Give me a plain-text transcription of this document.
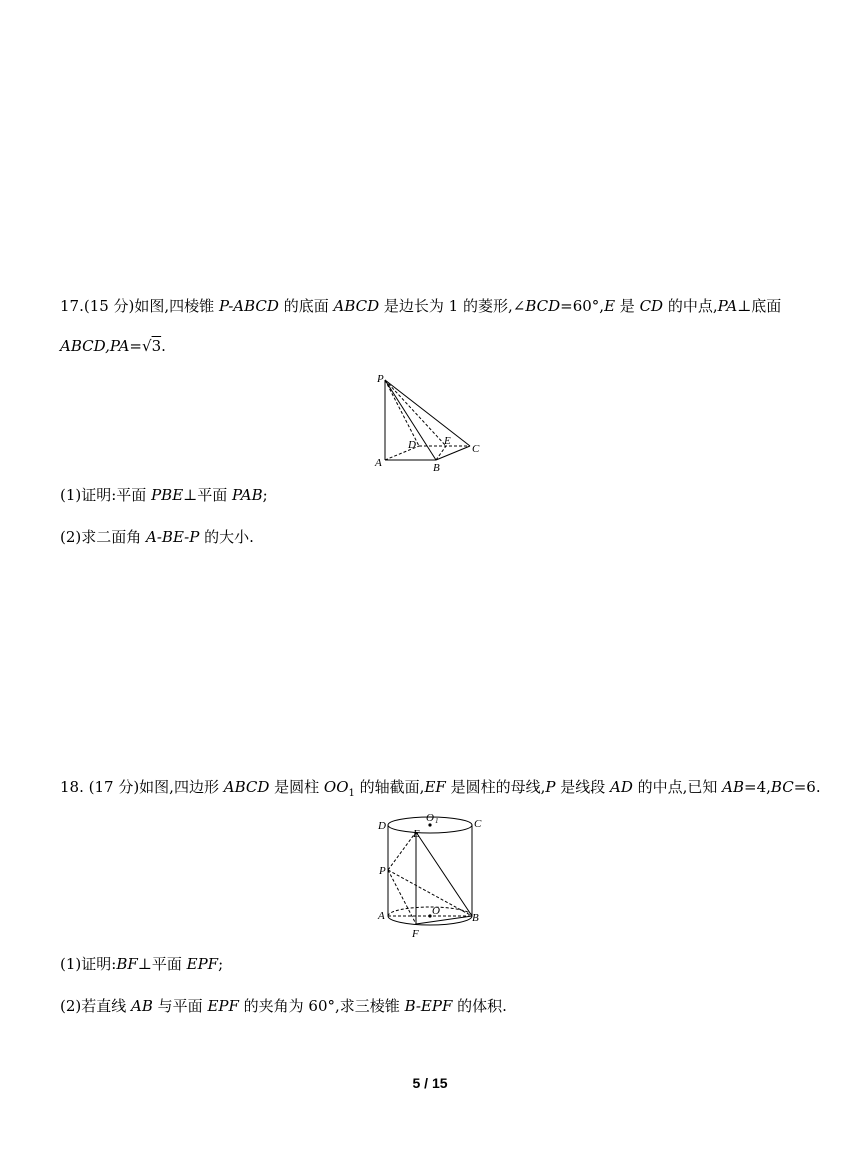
17.(15 分)如图,四棱锥 P-ABCD 的底面 ABCD 是边长为 1 的菱形,∠BCD=60°,E 是 CD 的中点,PA⊥底面
ABCD,PA=√3.
P
D	E
C
A	B
(1)证明:平面 PBE⊥平面 PAB;
(2)求二面角 A-BE-P 的大小.
18. (17 分)如图,四边形 ABCD 是圆柱 $OO_1$ 的轴截面,EF 是圆柱的母线,P 是线段 AD 的中点,已知 AB=4,BC=6.
D
O 1	C
E
P
A	O
B
F
(1)证明:BF⊥平面 EPF;
(2)若直线 AB 与平面 EPF 的夹角为 60°,求三棱锥 B-EPF 的体积.
5 / 15
